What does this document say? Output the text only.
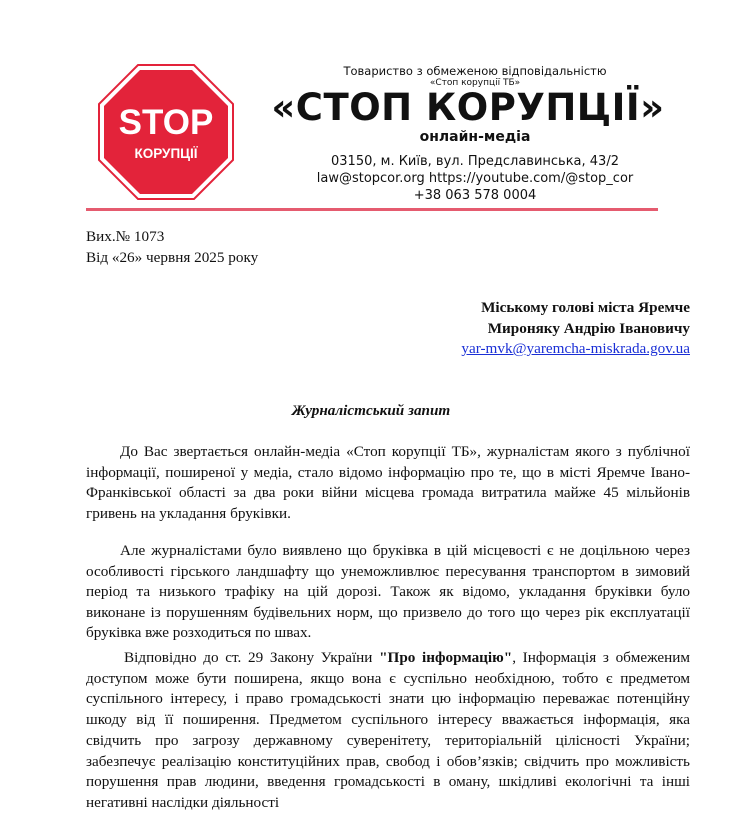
STOP
КОРУПЦІЇ
Товариство з обмеженою відповідальністю
«Стоп корупції ТБ»
«СТОП КОРУПЦІЇ»
онлайн-медіа
03150, м. Київ, вул. Предславинська, 43/2
law@stopcor.org https://youtube.com/@stop_cor
+38 063 578 0004
Вих.№ 1073
Від «26» червня 2025 року
Міському голові міста Яремче
Мироняку Андрію Івановичу
yar-mvk@yaremcha-miskrada.gov.ua
Журналістський запит
До Вас звертається онлайн-медіа «Стоп корупції ТБ», журналістам якого з публічної інформації, поширеної у медіа, стало відомо інформацію про те, що в місті Яремче Івано-Франківської області за два роки війни місцева громада витратила майже 45 мільйонів гривень на укладання бруківки.
Але журналістами було виявлено що бруківка в цій місцевості є не доцільною через особливості гірського ландшафту що унеможливлює пересування транспортом в зимовий період та низького трафіку на цій дорозі. Також як відомо, укладання бруківки було виконане із порушенням будівельних норм, що призвело до того що через рік експлуатації бруківка вже розходиться по швах.
Відповідно до ст. 29 Закону України "Про інформацію", Інформація з обмеженим доступом може бути поширена, якщо вона є суспільно необхідною, тобто є предметом суспільного інтересу, і право громадськості знати цю інформацію переважає потенційну шкоду від її поширення. Предметом суспільного інтересу вважається інформація, яка свідчить про загрозу державному суверенітету, територіальній цілісності України; забезпечує реалізацію конституційних прав, свобод і обов’язків; свідчить про можливість порушення прав людини, введення громадськості в оману, шкідливі екологічні та інші негативні наслідки діяльності
